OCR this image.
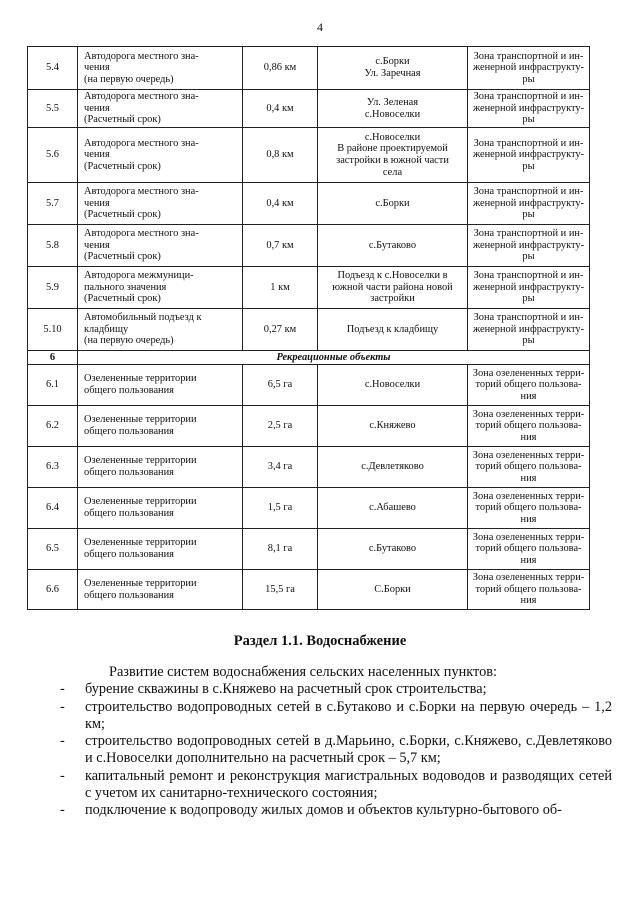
4
5.4	Автодорога местного зна-
чения
(на первую очередь)	0,86 км	с.Борки
Ул. Заречная	Зона транспортной и ин-
женерной инфраструкту-
ры
5.5	Автодорога местного зна-
чения
(Расчетный срок)	0,4 км	Ул. Зеленая
с.Новоселки	Зона транспортной и ин-
женерной инфраструкту-
ры
5.6	Автодорога местного зна-
чения
(Расчетный срок)	0,8 км	с.Новоселки
В районе проектируемой
застройки в южной части
села	Зона транспортной и ин-
женерной инфраструкту-
ры
5.7	Автодорога местного зна-
чения
(Расчетный срок)	0,4 км	с.Борки	Зона транспортной и ин-
женерной инфраструкту-
ры
5.8	Автодорога местного зна-
чения
(Расчетный срок)	0,7 км	с.Бутаково	Зона транспортной и ин-
женерной инфраструкту-
ры
5.9	Автодорога межмуници-
пального значения
(Расчетный срок)	1 км	Подъезд к с.Новоселки в
южной части района новой
застройки	Зона транспортной и ин-
женерной инфраструкту-
ры
5.10	Автомобильный подъезд к
кладбищу
(на первую очередь)	0,27 км	Подъезд к кладбищу	Зона транспортной и ин-
женерной инфраструкту-
ры
6	Рекреационные объекты			
6.1	Озелененные территории
общего пользования	6,5 га	с.Новоселки	Зона озелененных терри-
торий общего пользова-
ния
6.2	Озелененные территории
общего пользования	2,5 га	с.Княжево	Зона озелененных терри-
торий общего пользова-
ния
6.3	Озелененные территории
общего пользования	3,4 га	с.Девлетяково	Зона озелененных терри-
торий общего пользова-
ния
6.4	Озелененные территории
общего пользования	1,5 га	с.Абашево	Зона озелененных терри-
торий общего пользова-
ния
6.5	Озелененные территории
общего пользования	8,1 га	с.Бутаково	Зона озелененных терри-
торий общего пользова-
ния
6.6	Озелененные территории
общего пользования	15,5 га	С.Борки	Зона озелененных терри-
торий общего пользова-
ния
Раздел 1.1. Водоснабжение

Развитие систем водоснабжения сельских населенных пунктов:

- бурение скважины в с.Княжево на расчетный срок строительства;
- строительство водопроводных сетей в с.Бутаково и с.Борки на первую очередь – 1,2 км;
- строительство водопроводных сетей в д.Марьино, с.Борки, с.Княжево, с.Девлетяково и с.Новоселки дополнительно на расчетный срок – 5,7 км;
- капитальный ремонт и реконструкция магистральных водоводов и разводящих сетей с учетом их санитарно-технического состояния;
- подключение к водопроводу жилых домов и объектов культурно-бытового об-
